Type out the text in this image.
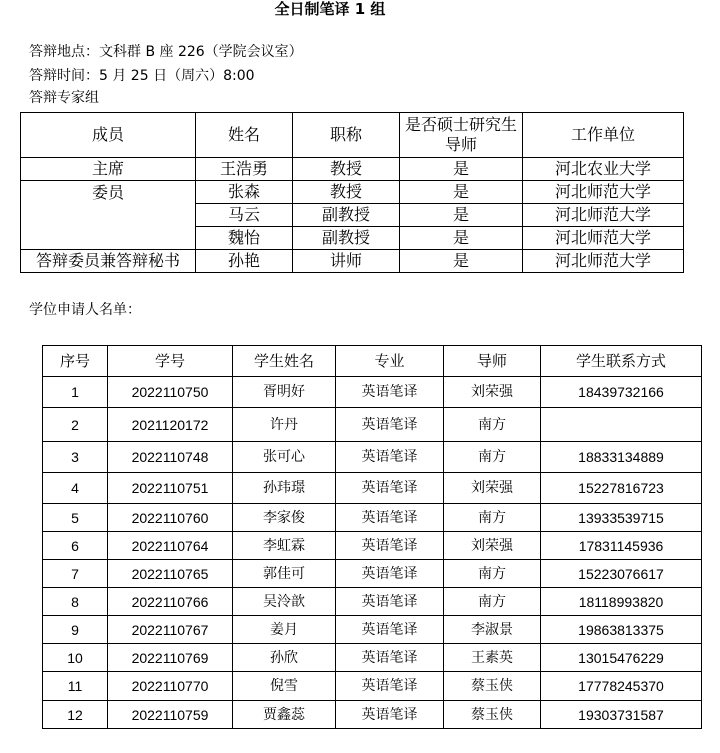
全日制笔译 1 组
答辩地点：文科群 B 座 226（学院会议室）
答辩时间：5 月 25 日（周六）8:00
答辩专家组
成员	姓名	职称	是否硕士研究生导师	工作单位
主席	王浩勇	教授	是	河北农业大学
委员	张森	教授	是	河北师范大学
	马云	副教授	是	河北师范大学
	魏怡	副教授	是	河北师范大学
答辩委员兼答辩秘书	孙艳	讲师	是	河北师范大学
学位申请人名单：
序号	学号	学生姓名	专业	导师	学生联系方式
1	2022110750	胥明好	英语笔译	刘荣强	18439732166
2	2021120172	许丹	英语笔译	南方	
3	2022110748	张可心	英语笔译	南方	18833134889
4	2022110751	孙玮璟	英语笔译	刘荣强	15227816723
5	2022110760	李家俊	英语笔译	南方	13933539715
6	2022110764	李虹霖	英语笔译	刘荣强	17831145936
7	2022110765	郭佳可	英语笔译	南方	15223076617
8	2022110766	吴泠歆	英语笔译	南方	18118993820
9	2022110767	姜月	英语笔译	李淑景	19863813375
10	2022110769	孙欣	英语笔译	王素英	13015476229
11	2022110770	倪雪	英语笔译	蔡玉侠	17778245370
12	2022110759	贾鑫蕊	英语笔译	蔡玉侠	19303731587
